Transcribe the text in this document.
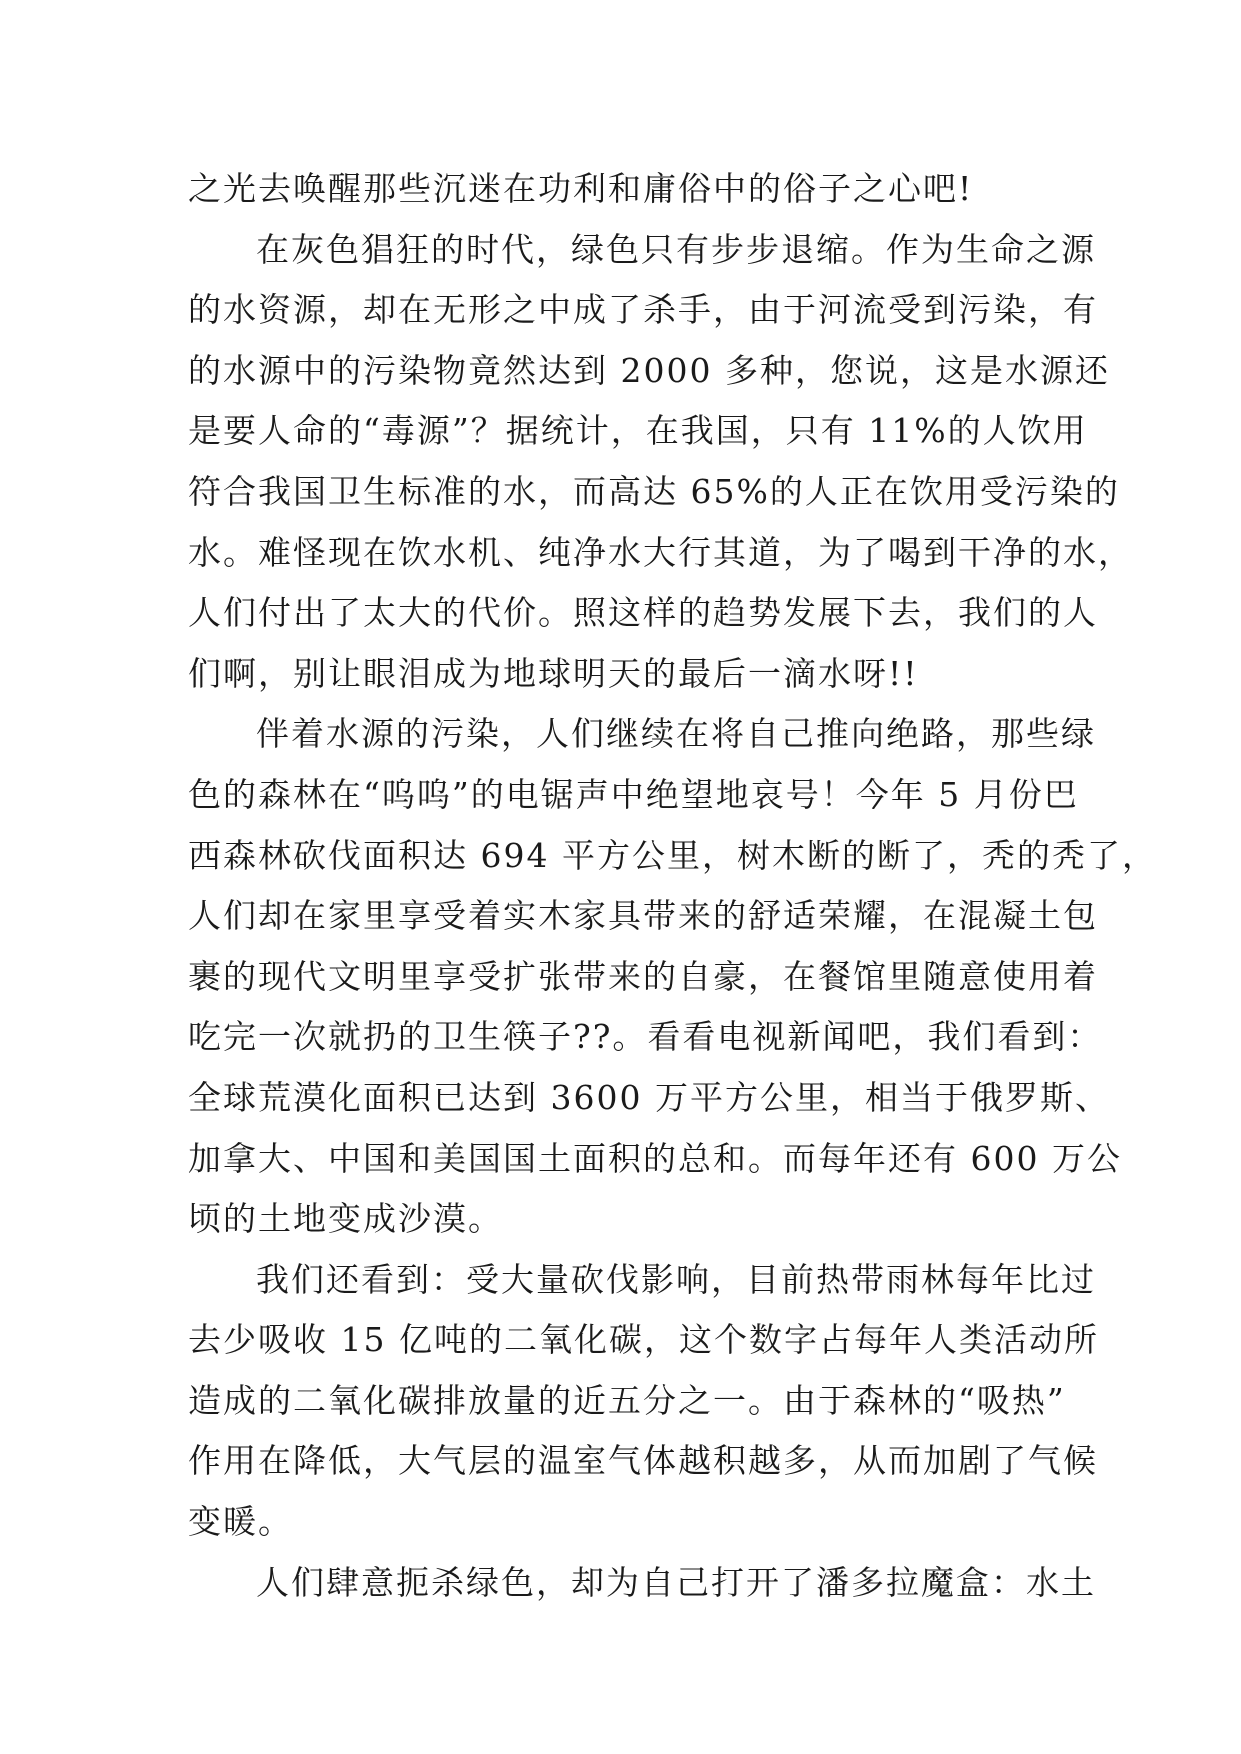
之光去唤醒那些沉迷在功利和庸俗中的俗子之心吧!
在灰色猖狂的时代，绿色只有步步退缩。作为生命之源
的水资源，却在无形之中成了杀手，由于河流受到污染，有
的水源中的污染物竟然达到 2000 多种，您说，这是水源还
是要人命的“毒源”？据统计，在我国，只有 11%的人饮用
符合我国卫生标准的水，而高达 65%的人正在饮用受污染的
水。难怪现在饮水机、纯净水大行其道，为了喝到干净的水，
人们付出了太大的代价。照这样的趋势发展下去，我们的人
们啊，别让眼泪成为地球明天的最后一滴水呀!!
伴着水源的污染，人们继续在将自己推向绝路，那些绿
色的森林在“呜呜”的电锯声中绝望地哀号！今年 5 月份巴
西森林砍伐面积达 694 平方公里，树木断的断了，秃的秃了，
人们却在家里享受着实木家具带来的舒适荣耀，在混凝土包
裹的现代文明里享受扩张带来的自豪，在餐馆里随意使用着
吃完一次就扔的卫生筷子??。看看电视新闻吧，我们看到：
全球荒漠化面积已达到 3600 万平方公里，相当于俄罗斯、
加拿大、中国和美国国土面积的总和。而每年还有 600 万公
顷的土地变成沙漠。
我们还看到：受大量砍伐影响，目前热带雨林每年比过
去少吸收 15 亿吨的二氧化碳，这个数字占每年人类活动所
造成的二氧化碳排放量的近五分之一。由于森林的“吸热”
作用在降低，大气层的温室气体越积越多，从而加剧了气候
变暖。
人们肆意扼杀绿色，却为自己打开了潘多拉魔盒：水土
